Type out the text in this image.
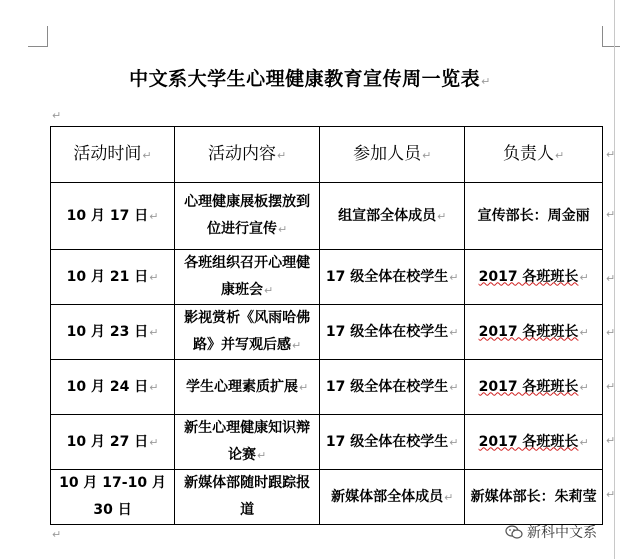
中文系大学生心理健康教育宣传周一览表↵
↵
活动时间↵	活动内容↵	参加人员↵	负责人↵
10 月 17 日↵	心理健康展板摆放到位进行宣传↵	组宣部全体成员↵	宣传部长：周金丽
10 月 21 日↵	各班组织召开心理健康班会↵	17 级全体在校学生↵	2017 各班班长↵
10 月 23 日↵	影视赏析《风雨哈佛路》并写观后感↵	17 级全体在校学生↵	2017 各班班长↵
10 月 24 日↵	学生心理素质扩展↵	17 级全体在校学生↵	2017 各班班长↵
10 月 27 日↵	新生心理健康知识辩论赛↵	17 级全体在校学生↵	2017 各班班长↵
10 月 17-10 月 30 日	新媒体部随时跟踪报道	新媒体部全体成员↵	新媒体部长：朱莉莹
↵
↵
↵
↵
↵
↵
↵
↵	新科中文系
